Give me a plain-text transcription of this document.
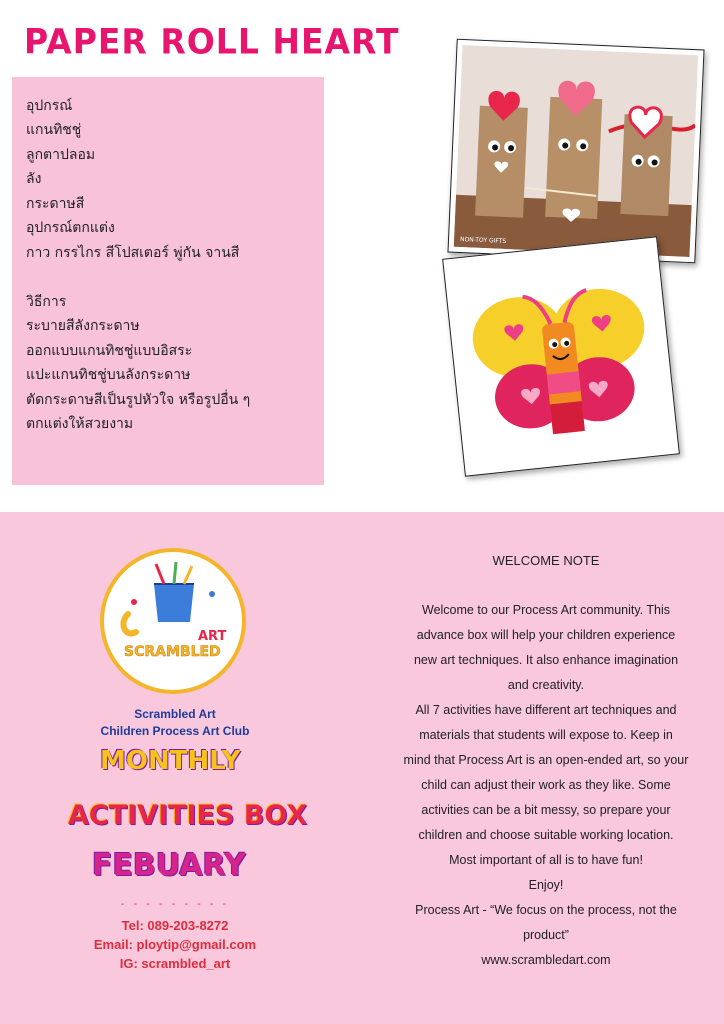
PAPER ROLL HEART
อุปกรณ์
แกนทิชชู่
ลูกตาปลอม
ลัง
กระดาษสี
อุปกรณ์ตกแต่ง
กาว กรรไกร สีโปสเตอร์ พู่กัน จานสี
วิธีการ
ระบายสีลังกระดาษ
ออกแบบแกนทิชชู่แบบอิสระ
แปะแกนทิชชู่บนลังกระดาษ
ตัดกระดาษสีเป็นรูปหัวใจ หรือรูปอื่น ๆ
ตกแต่งให้สวยงาม
NON-TOY GIFTS
ART
SCRAMBLED
Scrambled Art
Children Process Art Club
MONTHLY
ACTIVITIES BOX
FEBUARY
- - - - - - - - -
Tel: 089-203-8272
Email: ploytip@gmail.com
IG: scrambled_art
WELCOME NOTE
Welcome to our Process Art community. This
advance box will help your children experience
new art techniques. It also enhance imagination
and creativity.
All 7 activities have different art techniques and
materials that students will expose to. Keep in
mind that Process Art is an open-ended art, so your
child can adjust their work as they like. Some
activities can be a bit messy, so prepare your
children and choose suitable working location.
Most important of all is to have fun!
Enjoy!
Process Art - “We focus on the process, not the
product”
www.scrambledart.com
